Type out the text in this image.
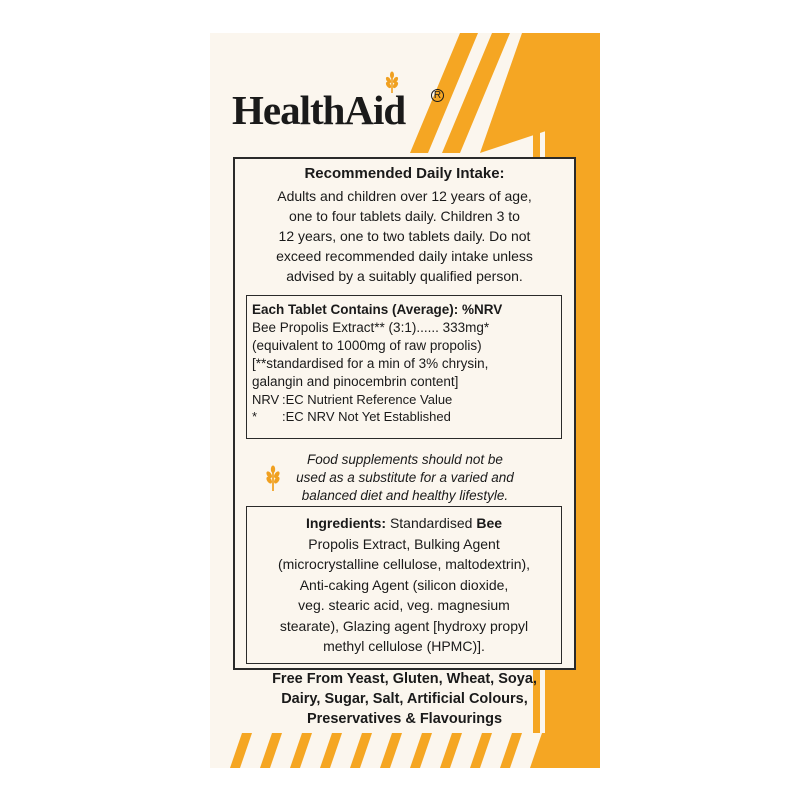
HealthAid	R
Recommended Daily Intake:
Adults and children over 12 years of age,
one to four tablets daily. Children 3 to
12 years, one to two tablets daily. Do not
exceed recommended daily intake unless
advised by a suitably qualified person.
Each Tablet Contains (Average): %NRV
Bee Propolis Extract** (3:1)...... 333mg*
(equivalent to 1000mg of raw propolis)
[**standardised for a min of 3% chrysin,
galangin and pinocembrin content]
NRV :EC Nutrient Reference Value
*	:EC NRV Not Yet Established
Food supplements should not be
used as a substitute for a varied and
balanced diet and healthy lifestyle.
Ingredients: Standardised Bee
Propolis Extract, Bulking Agent
(microcrystalline cellulose, maltodextrin),
Anti-caking Agent (silicon dioxide,
veg. stearic acid, veg. magnesium
stearate), Glazing agent [hydroxy propyl
methyl cellulose (HPMC)].
Free From Yeast, Gluten, Wheat, Soya,
Dairy, Sugar, Salt, Artificial Colours,
Preservatives & Flavourings
